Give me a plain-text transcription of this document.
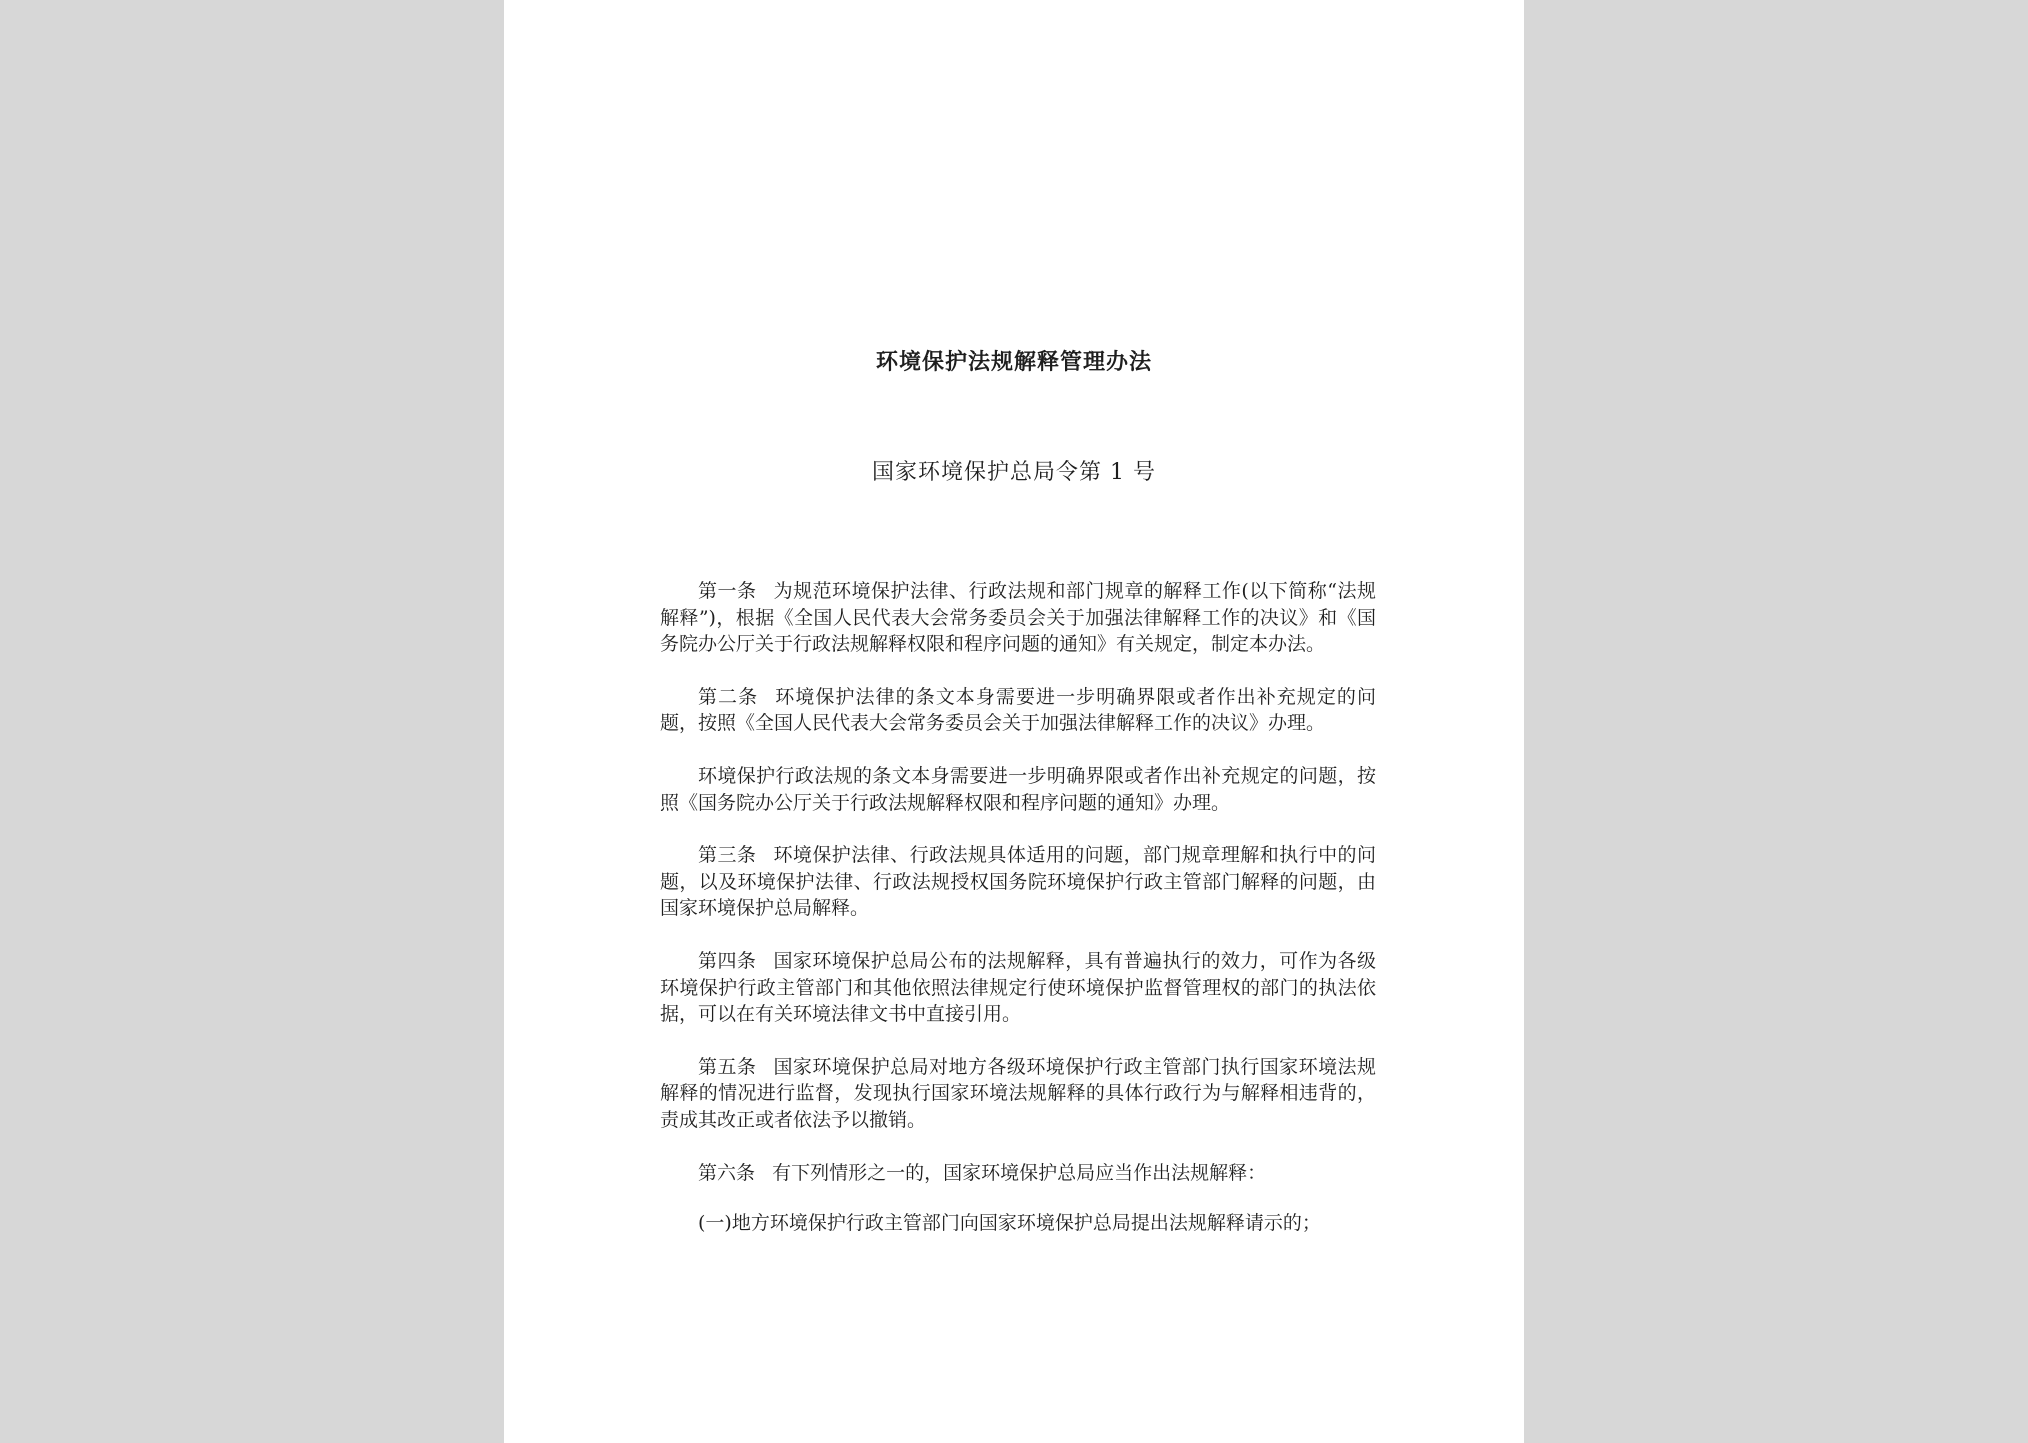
环境保护法规解释管理办法
国家环境保护总局令第 1 号

第一条 为规范环境保护法律、行政法规和部门规章的解释工作(以下简称“法规解释”)，根据《全国人民代表大会常务委员会关于加强法律解释工作的决议》和《国务院办公厅关于行政法规解释权限和程序问题的通知》有关规定，制定本办法。

第二条 环境保护法律的条文本身需要进一步明确界限或者作出补充规定的问题，按照《全国人民代表大会常务委员会关于加强法律解释工作的决议》办理。

环境保护行政法规的条文本身需要进一步明确界限或者作出补充规定的问题，按照《国务院办公厅关于行政法规解释权限和程序问题的通知》办理。

第三条 环境保护法律、行政法规具体适用的问题，部门规章理解和执行中的问题，以及环境保护法律、行政法规授权国务院环境保护行政主管部门解释的问题，由国家环境保护总局解释。

第四条 国家环境保护总局公布的法规解释，具有普遍执行的效力，可作为各级环境保护行政主管部门和其他依照法律规定行使环境保护监督管理权的部门的执法依据，可以在有关环境法律文书中直接引用。

第五条 国家环境保护总局对地方各级环境保护行政主管部门执行国家环境法规解释的情况进行监督，发现执行国家环境法规解释的具体行政行为与解释相违背的，责成其改正或者依法予以撤销。

第六条 有下列情形之一的，国家环境保护总局应当作出法规解释：

(一)地方环境保护行政主管部门向国家环境保护总局提出法规解释请示的；
